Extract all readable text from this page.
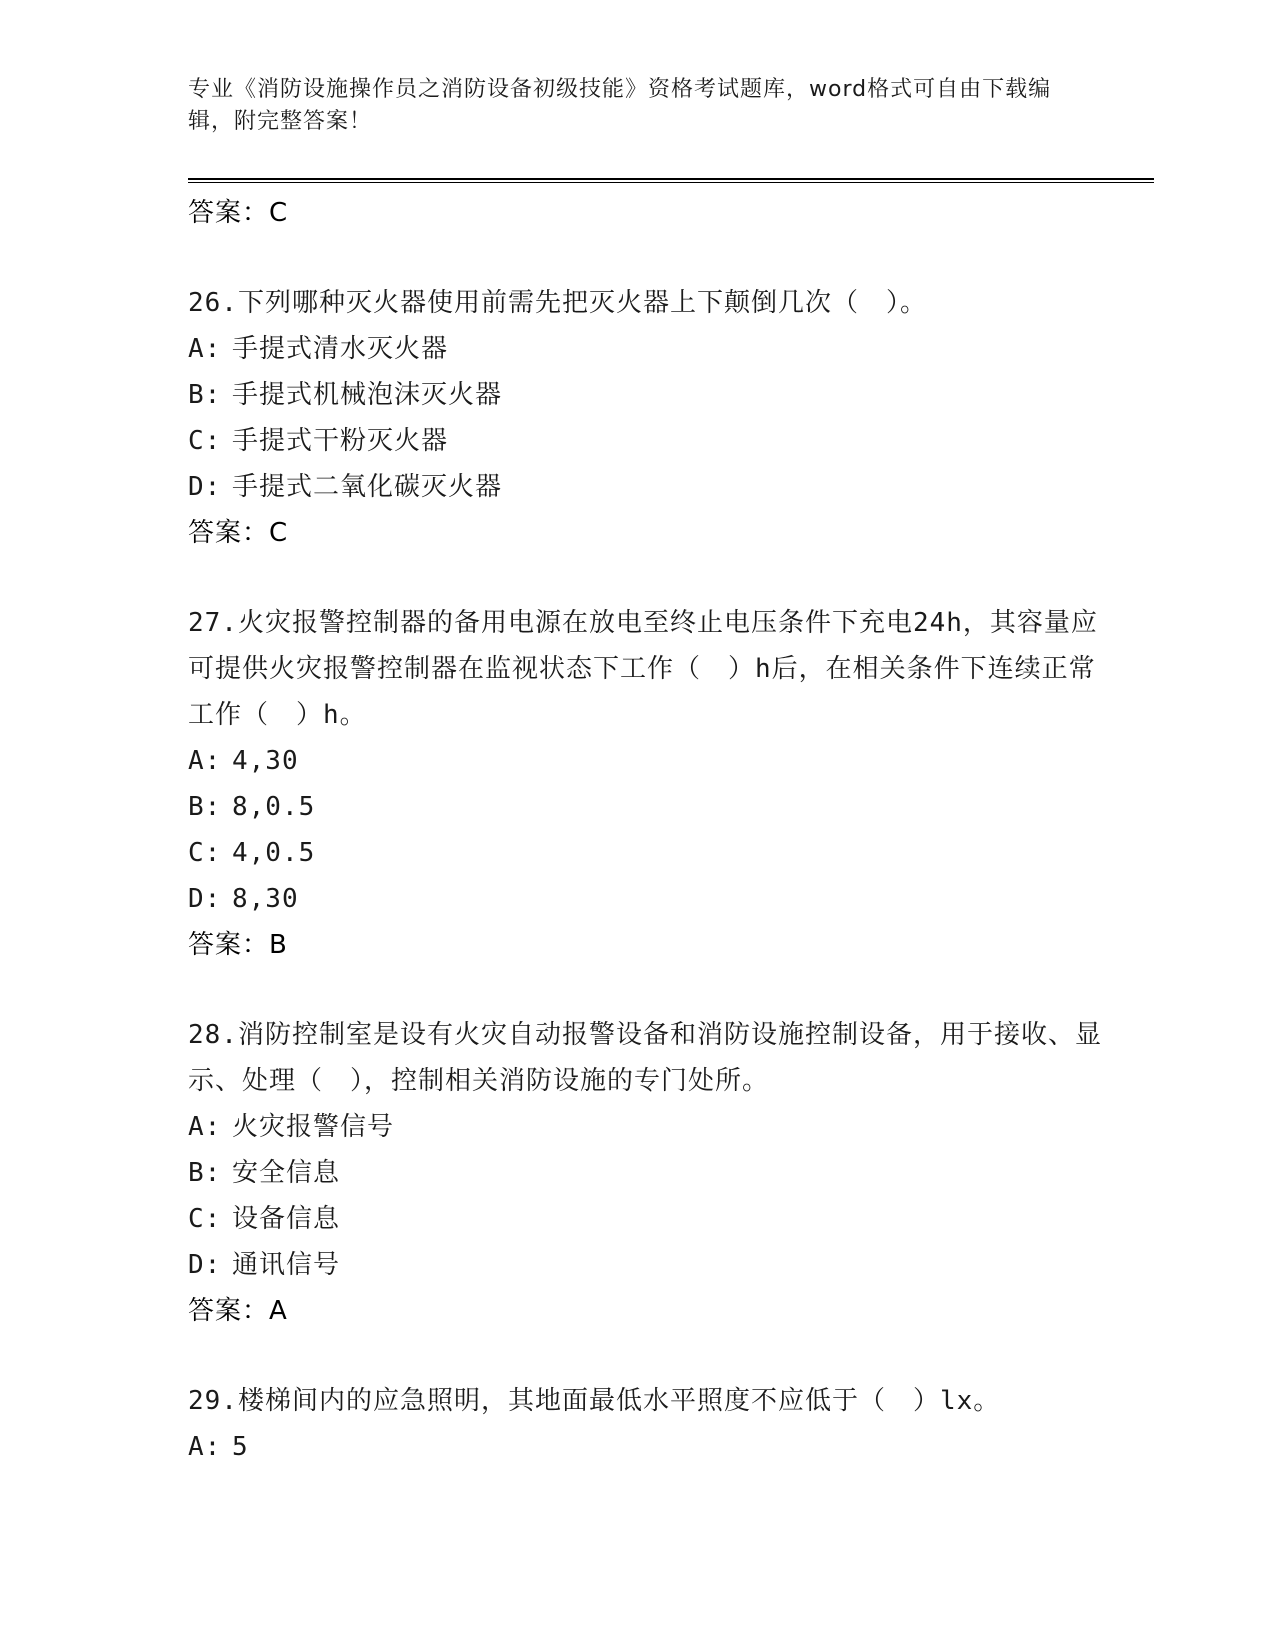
专业《消防设施操作员之消防设备初级技能》资格考试题库，word格式可自由下载编辑，附完整答案！
答案：C
26.下列哪种灭火器使用前需先把灭火器上下颠倒几次（　）。
A: 手提式清水灭火器
B: 手提式机械泡沫灭火器
C: 手提式干粉灭火器
D: 手提式二氧化碳灭火器
答案：C
27.火灾报警控制器的备用电源在放电至终止电压条件下充电24h，其容量应可提供火灾报警控制器在监视状态下工作（　）h后，在相关条件下连续正常工作（　）h。
A: 4,30
B: 8,0.5
C: 4,0.5
D: 8,30
答案：B
28.消防控制室是设有火灾自动报警设备和消防设施控制设备，用于接收、显示、处理（　），控制相关消防设施的专门处所。
A: 火灾报警信号
B: 安全信息
C: 设备信息
D: 通讯信号
答案：A
29.楼梯间内的应急照明，其地面最低水平照度不应低于（　）lx。
A: 5
